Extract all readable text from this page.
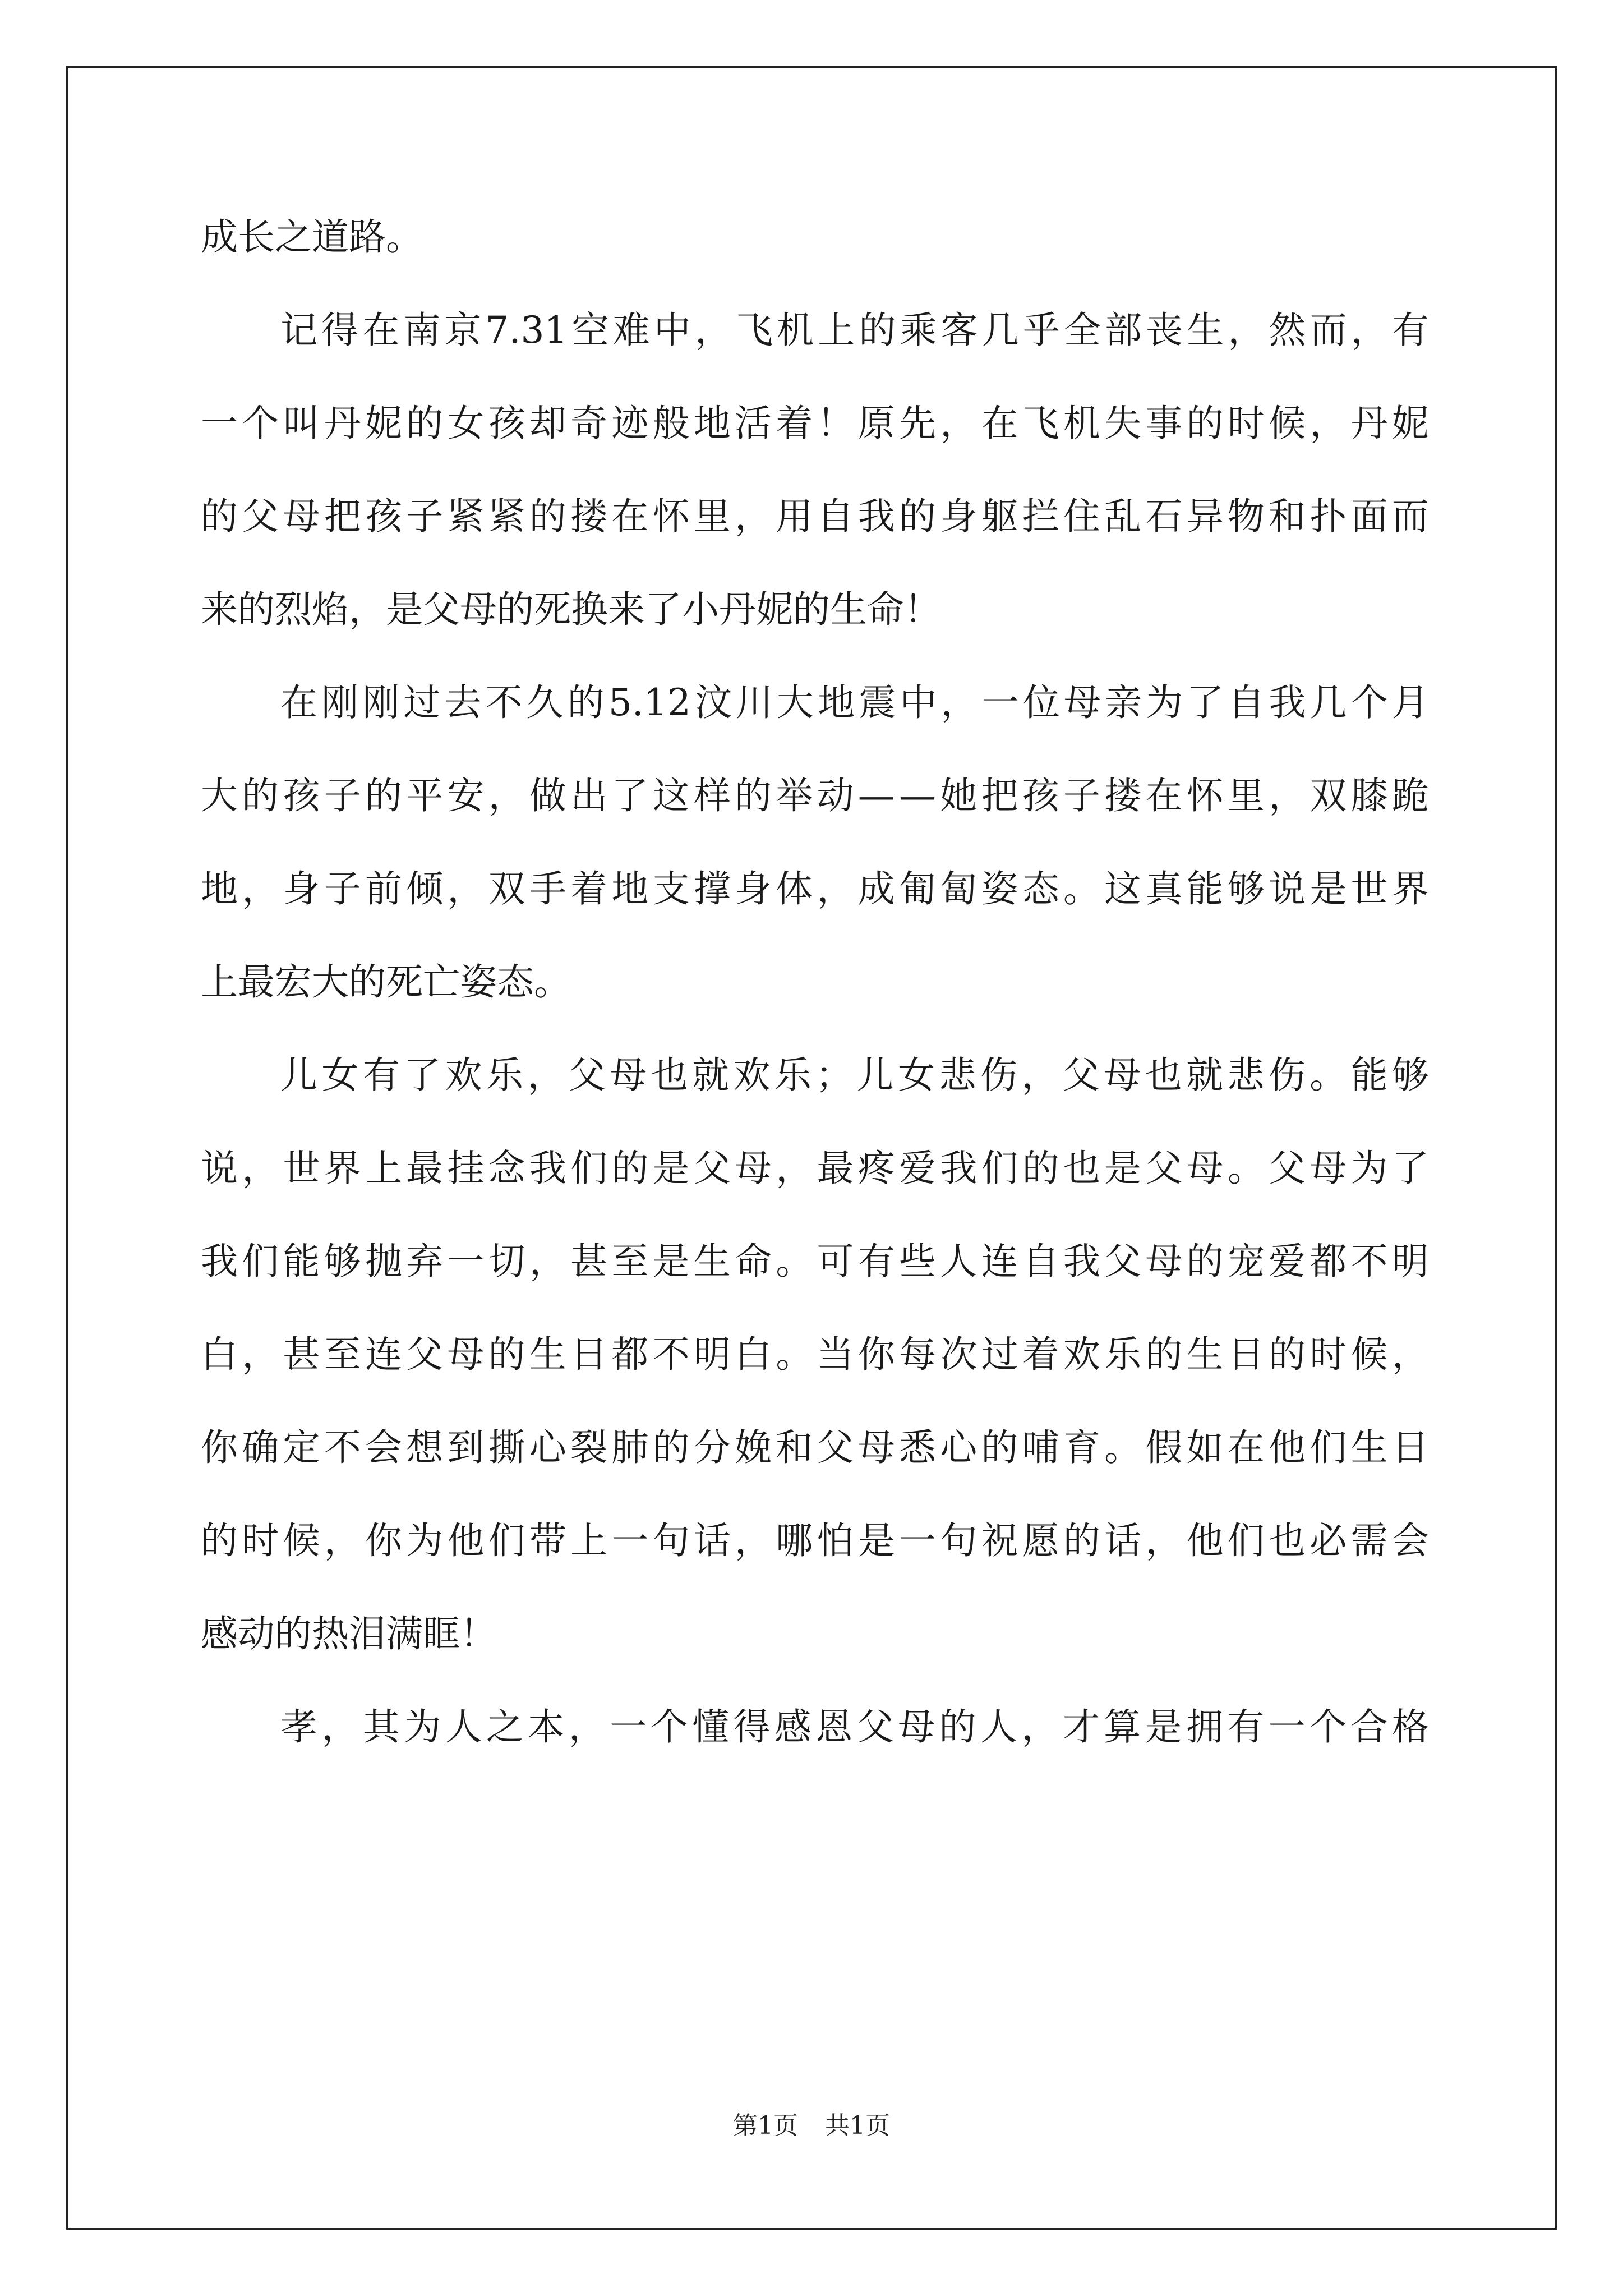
成长之道路。
记 得 在 南 京 7.31 空 难 中 ， 飞 机 上 的 乘 客 几 乎 全 部 丧 生 ， 然 而 ， 有
一 个 叫 丹 妮 的 女 孩 却 奇 迹 般 地 活 着 ！ 原 先 ， 在 飞 机 失 事 的 时 候 ， 丹 妮
的 父 母 把 孩 子 紧 紧 的 搂 在 怀 里 ， 用 自 我 的 身 躯 拦 住 乱 石 异 物 和 扑 面 而
来的烈焰，是父母的死换来了小丹妮的生命！
在 刚 刚 过 去 不 久 的 5.12 汶 川 大 地 震 中 ， 一 位 母 亲 为 了 自 我 几 个 月
大 的 孩 子 的 平 安 ， 做 出 了 这 样 的 举 动 — — 她 把 孩 子 搂 在 怀 里 ， 双 膝 跪
地 ， 身 子 前 倾 ， 双 手 着 地 支 撑 身 体 ， 成 匍 匐 姿 态 。 这 真 能 够 说 是 世 界
上最宏大的死亡姿态。
儿 女 有 了 欢 乐 ， 父 母 也 就 欢 乐 ； 儿 女 悲 伤 ， 父 母 也 就 悲 伤 。 能 够
说 ， 世 界 上 最 挂 念 我 们 的 是 父 母 ， 最 疼 爱 我 们 的 也 是 父 母 。 父 母 为 了
我 们 能 够 抛 弃 一 切 ， 甚 至 是 生 命 。 可 有 些 人 连 自 我 父 母 的 宠 爱 都 不 明
白 ， 甚 至 连 父 母 的 生 日 都 不 明 白 。 当 你 每 次 过 着 欢 乐 的 生 日 的 时 候 ，
你 确 定 不 会 想 到 撕 心 裂 肺 的 分 娩 和 父 母 悉 心 的 哺 育 。 假 如 在 他 们 生 日
的 时 候 ， 你 为 他 们 带 上 一 句 话 ， 哪 怕 是 一 句 祝 愿 的 话 ， 他 们 也 必 需 会
感动的热泪满眶！
孝 ， 其 为 人 之 本 ， 一 个 懂 得 感 恩 父 母 的 人 ， 才 算 是 拥 有 一 个 合 格
第1页 共1页
